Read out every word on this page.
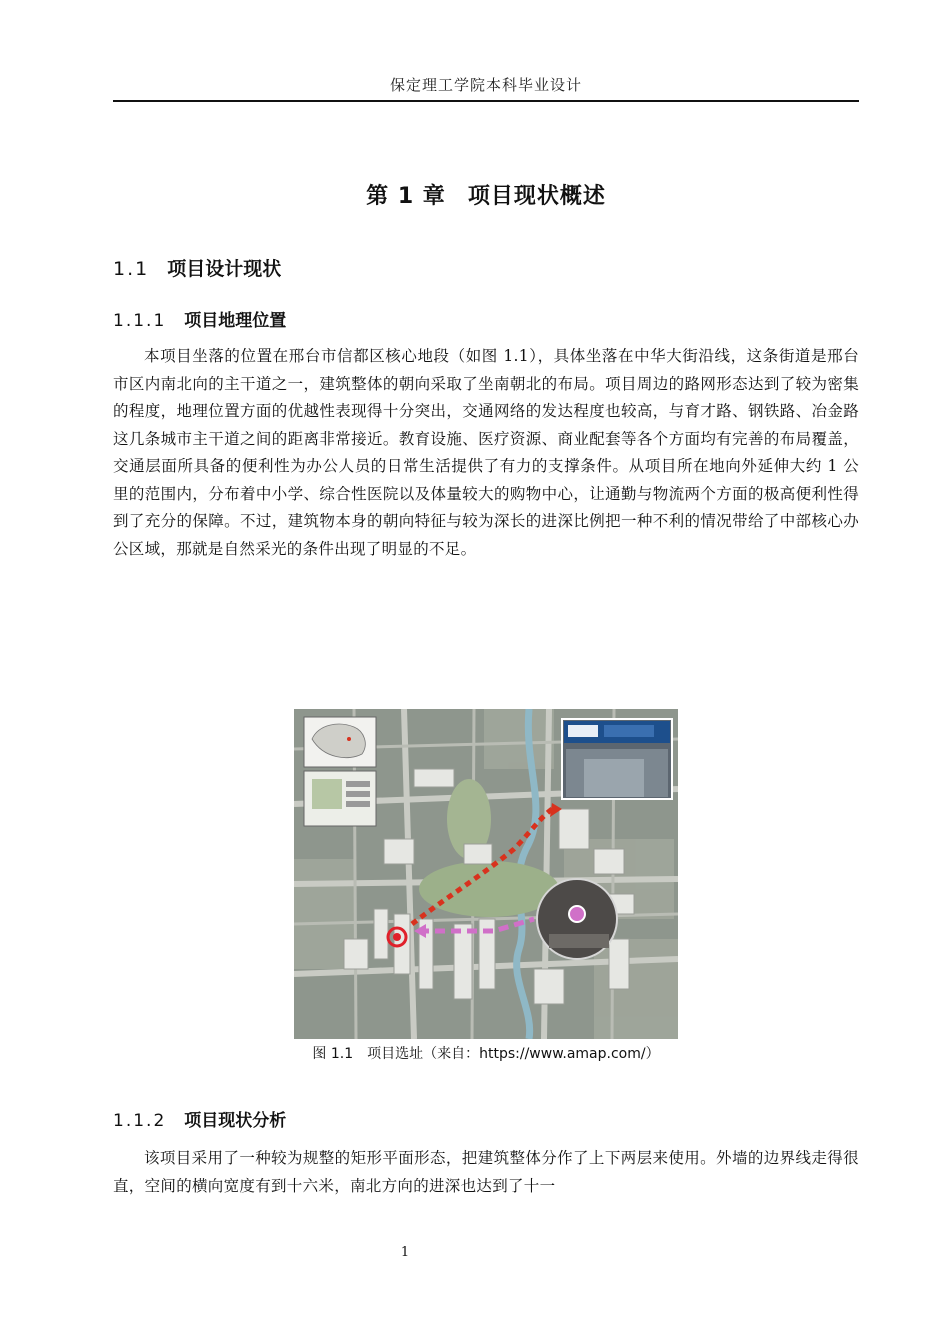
保定理工学院本科毕业设计
第 1 章 项目现状概述
1.1 项目设计现状
1.1.1 项目地理位置

本项目坐落的位置在邢台市信都区核心地段（如图 1.1），具体坐落在中华大街沿线，这条街道是邢台市区内南北向的主干道之一，建筑整体的朝向采取了坐南朝北的布局。项目周边的路网形态达到了较为密集的程度，地理位置方面的优越性表现得十分突出，交通网络的发达程度也较高，与育才路、钢铁路、冶金路这几条城市主干道之间的距离非常接近。教育设施、医疗资源、商业配套等各个方面均有完善的布局覆盖，交通层面所具备的便利性为办公人员的日常生活提供了有力的支撑条件。从项目所在地向外延伸大约 1 公里的范围内，分布着中小学、综合性医院以及体量较大的购物中心，让通勤与物流两个方面的极高便利性得到了充分的保障。不过，建筑物本身的朝向特征与较为深长的进深比例把一种不利的情况带给了中部核心办公区域，那就是自然采光的条件出现了明显的不足。

图 1.1 项目选址（来自：https://www.amap.com/）
1.1.2 项目现状分析

该项目采用了一种较为规整的矩形平面形态，把建筑整体分作了上下两层来使用。外墙的边界线走得很直，空间的横向宽度有到十六米，南北方向的进深也达到了十一

1
